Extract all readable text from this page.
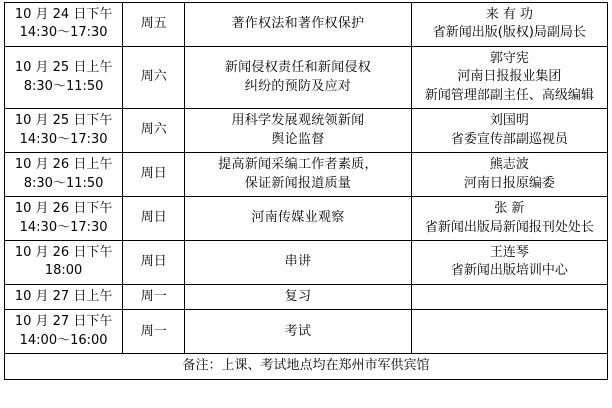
10 月 24 日下午
14:30～17:30	周五	著作权法和著作权保护	来 有 功
省新闻出版(版权)局副局长

10 月 25 日上午
8:30～11:50	周六	新闻侵权责任和新闻侵权
纠纷的预防及应对	郭守宪
河南日报报业集团
新闻管理部副主任、高级编辑

10 月 25 日下午
14:30～17:30	周六	用科学发展观统领新闻
舆论监督	刘国明
省委宣传部副巡视员

10 月 26 日上午
8:30～11:50	周日	提高新闻采编工作者素质，
保证新闻报道质量	熊志波
河南日报原编委

10 月 26 日下午
14:30～17:30	周日	河南传媒业观察	张 新
省新闻出版局新闻报刊处处长

10 月 26 日下午
18:00	周日	串讲	王连琴
省新闻出版培训中心

10 月 27 日上午	周一	复习	

10 月 27 日下午
14:00～16:00	周一	考试	

备注：上课、考试地点均在郑州市军供宾馆			
